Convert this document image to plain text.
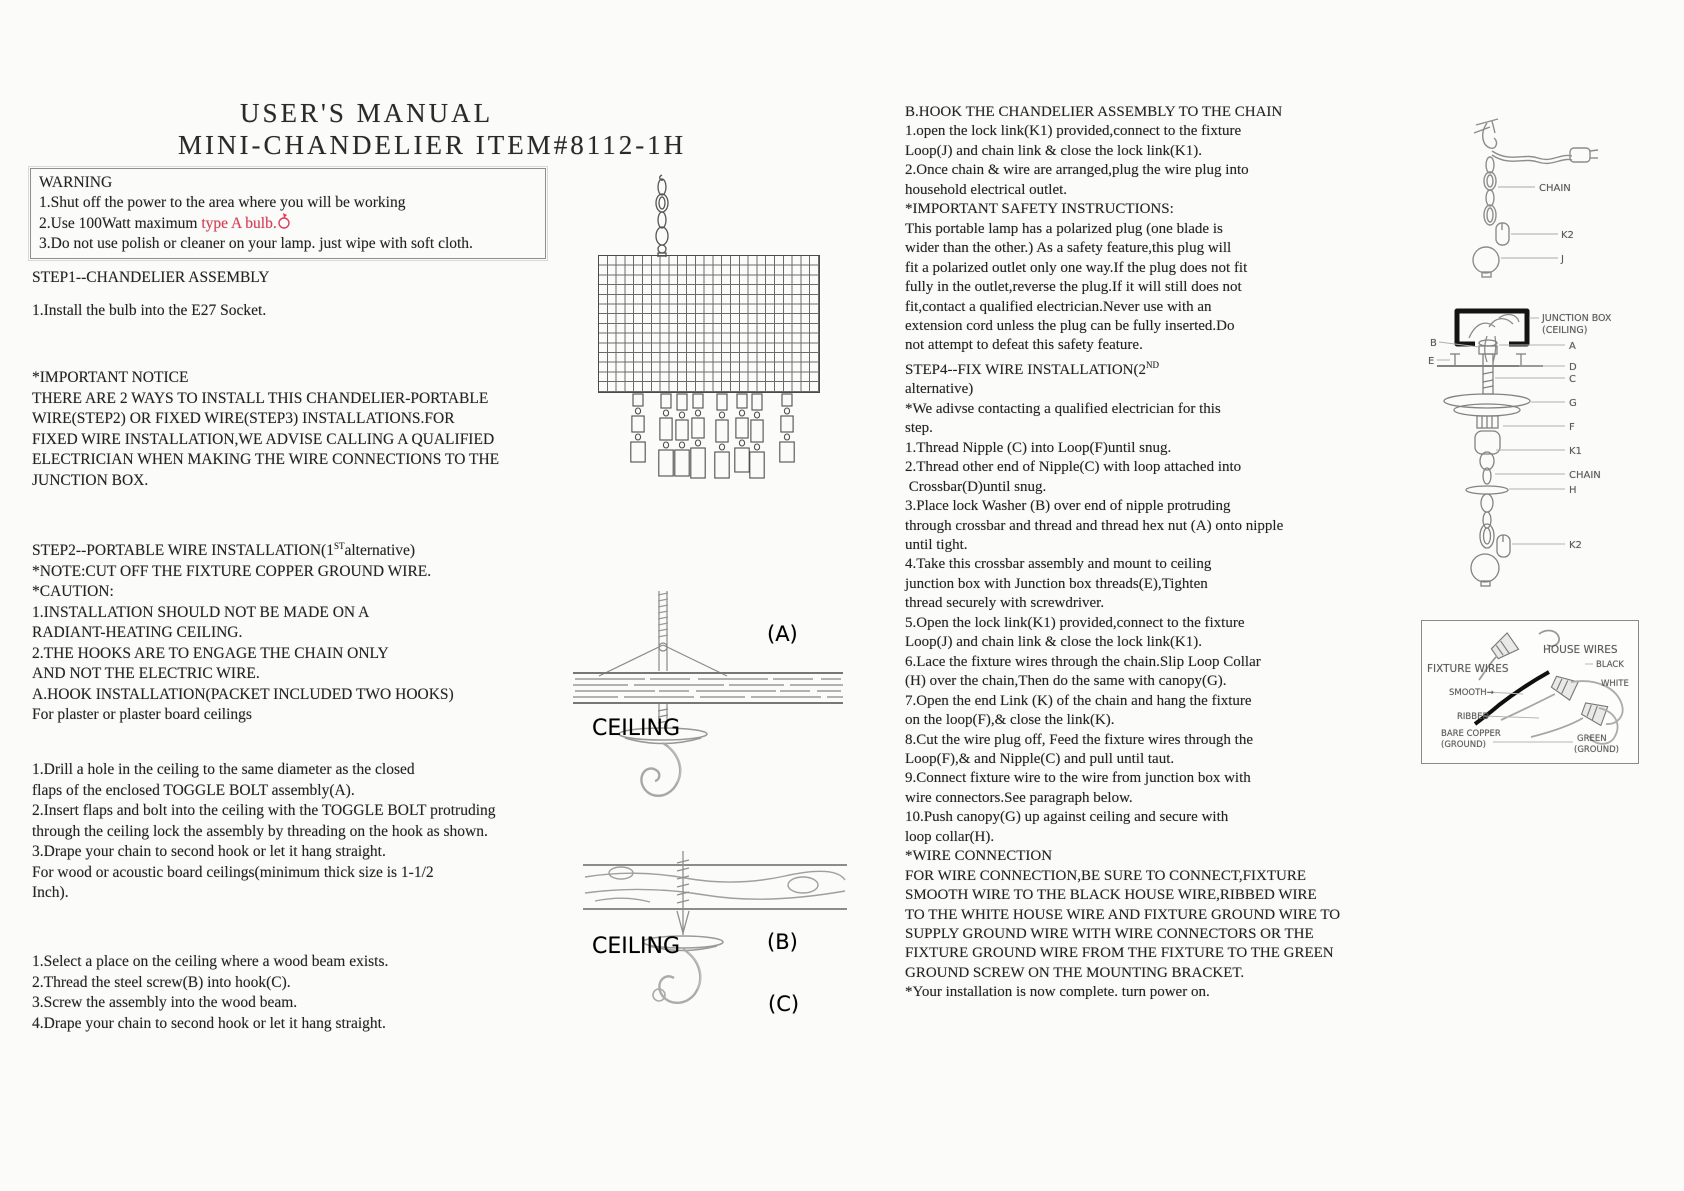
USER'S MANUAL
MINI-CHANDELIER ITEM#8112-1H
WARNING
1.Shut off the power to the area where you will be working
2.Use 100Watt maximum type A bulb.
3.Do not use polish or cleaner on your lamp. just wipe with soft cloth.
STEP1--CHANDELIER ASSEMBLY
1.Install the bulb into the E27 Socket.
*IMPORTANT NOTICE
THERE ARE 2 WAYS TO INSTALL THIS CHANDELIER-PORTABLE
WIRE(STEP2) OR FIXED WIRE(STEP3) INSTALLATIONS.FOR
FIXED WIRE INSTALLATION,WE ADVISE CALLING A QUALIFIED
ELECTRICIAN WHEN MAKING THE WIRE CONNECTIONS TO THE
JUNCTION BOX.
STEP2--PORTABLE WIRE INSTALLATION(1STalternative)
*NOTE:CUT OFF THE FIXTURE COPPER GROUND WIRE.
*CAUTION:
1.INSTALLATION SHOULD NOT BE MADE ON A
RADIANT-HEATING CEILING.
2.THE HOOKS ARE TO ENGAGE THE CHAIN ONLY
AND NOT THE ELECTRIC WIRE.
A.HOOK INSTALLATION(PACKET INCLUDED TWO HOOKS)
For plaster or plaster board ceilings
1.Drill a hole in the ceiling to the same diameter as the closed
flaps of the enclosed TOGGLE BOLT assembly(A).
2.Insert flaps and bolt into the ceiling with the TOGGLE BOLT protruding
through the ceiling lock the assembly by threading on the hook as shown.
3.Drape your chain to second hook or let it hang straight.
For wood or acoustic board ceilings(minimum thick size is 1-1/2
Inch).
1.Select a place on the ceiling where a wood beam exists.
2.Thread the steel screw(B) into hook(C).
3.Screw the assembly into the wood beam.
4.Drape your chain to second hook or let it hang straight.
B.HOOK THE CHANDELIER ASSEMBLY TO THE CHAIN
1.open the lock link(K1) provided,connect to the fixture
Loop(J) and chain link & close the lock link(K1).
2.Once chain & wire are arranged,plug the wire plug into
household electrical outlet.
*IMPORTANT SAFETY INSTRUCTIONS:
This portable lamp has a polarized plug (one blade is
wider than the other.) As a safety feature,this plug will
fit a polarized outlet only one way.If the plug does not fit
fully in the outlet,reverse the plug.If it will still does not
fit,contact a qualified electrician.Never use with an
extension cord unless the plug can be fully inserted.Do
not attempt to defeat this safety feature.
STEP4--FIX WIRE INSTALLATION(2ND
alternative)
*We adivse contacting a qualified electrician for this
step.
1.Thread Nipple (C) into Loop(F)until snug.
2.Thread other end of Nipple(C) with loop attached into
Crossbar(D)until snug.
3.Place lock Washer (B) over end of nipple protruding
through crossbar and thread and thread hex nut (A) onto nipple
until tight.
4.Take this crossbar assembly and mount to ceiling
junction box with Junction box threads(E),Tighten
thread securely with screwdriver.
5.Open the lock link(K1) provided,connect to the fixture
Loop(J) and chain link & close the lock link(K1).
6.Lace the fixture wires through the chain.Slip Loop Collar
(H) over the chain,Then do the same with canopy(G).
7.Open the end Link (K) of the chain and hang the fixture
on the loop(F),& close the link(K).
8.Cut the wire plug off, Feed the fixture wires through the
Loop(F),& and Nipple(C) and pull until taut.
9.Connect fixture wire to the wire from junction box with
wire connectors.See paragraph below.
10.Push canopy(G) up against ceiling and secure with
loop collar(H).
*WIRE CONNECTION
FOR WIRE CONNECTION,BE SURE TO CONNECT,FIXTURE
SMOOTH WIRE TO THE BLACK HOUSE WIRE,RIBBED WIRE
TO THE WHITE HOUSE WIRE AND FIXTURE GROUND WIRE TO
SUPPLY GROUND WIRE WITH WIRE CONNECTORS OR THE
FIXTURE GROUND WIRE FROM THE FIXTURE TO THE GREEN
GROUND SCREW ON THE MOUNTING BRACKET.
*Your installation is now complete. turn power on.
CEILING
(A)
CEILING	(B)
(C)
CHAIN
K2
J
JUNCTION BOX
(CEILING)
B
E
A
D
C
G
F
K1
CHAIN
H
K2
HOUSE WIRES
FIXTURE WIRES	BLACK
WHITE
SMOOTH→
RIBBED
BARE COPPER
(GROUND)
GREEN
(GROUND)
